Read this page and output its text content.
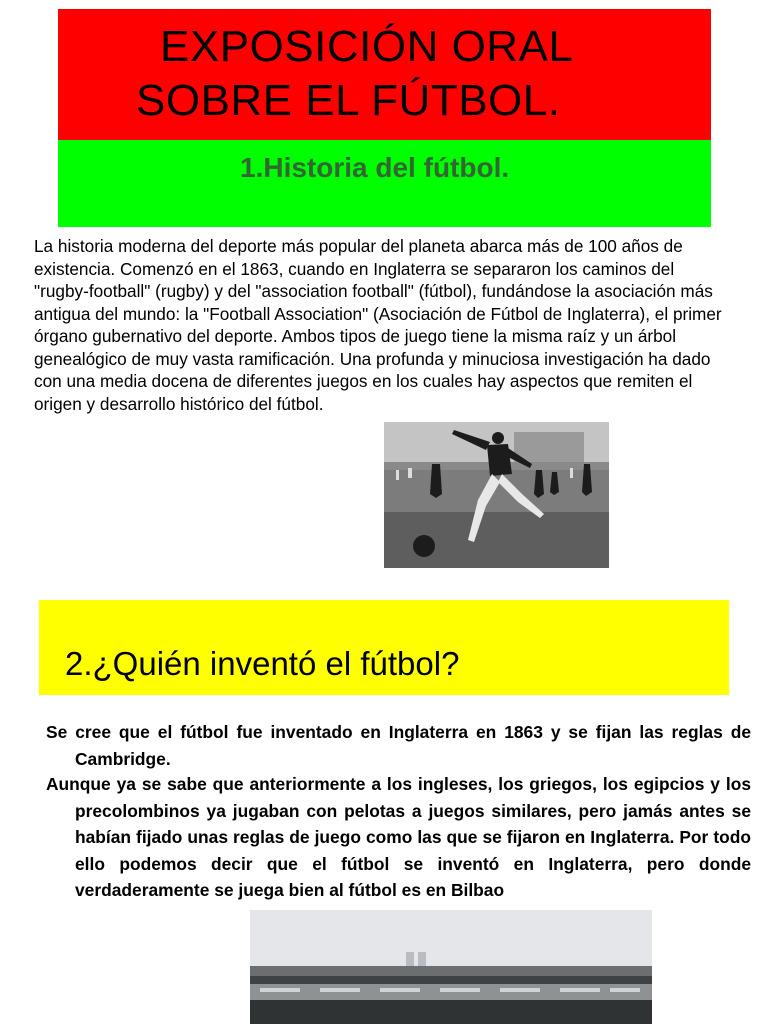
EXPOSICIÓN ORAL
SOBRE EL FÚTBOL.
1.Historia del fútbol.

La historia moderna del deporte más popular del planeta abarca más de 100 años de existencia. Comenzó en el 1863, cuando en Inglaterra se separaron los caminos del "rugby-football" (rugby) y del "association football" (fútbol), fundándose la asociación más antigua del mundo: la "Football Association" (Asociación de Fútbol de Inglaterra), el primer órgano gubernativo del deporte. Ambos tipos de juego tiene la misma raíz y un árbol genealógico de muy vasta ramificación. Una profunda y minuciosa investigación ha dado con una media docena de diferentes juegos en los cuales hay aspectos que remiten el origen y desarrollo histórico del fútbol.

2.¿Quién inventó el fútbol?

Se cree que el fútbol fue inventado en Inglaterra en 1863 y se fijan las reglas de Cambridge.

Aunque ya se sabe que anteriormente a los ingleses, los griegos, los egipcios y los precolombinos ya jugaban con pelotas a juegos similares, pero jamás antes se habían fijado unas reglas de juego como las que se fijaron en Inglaterra. Por todo ello podemos decir que el fútbol se inventó en Inglaterra, pero donde verdaderamente se juega bien al fútbol es en Bilbao
